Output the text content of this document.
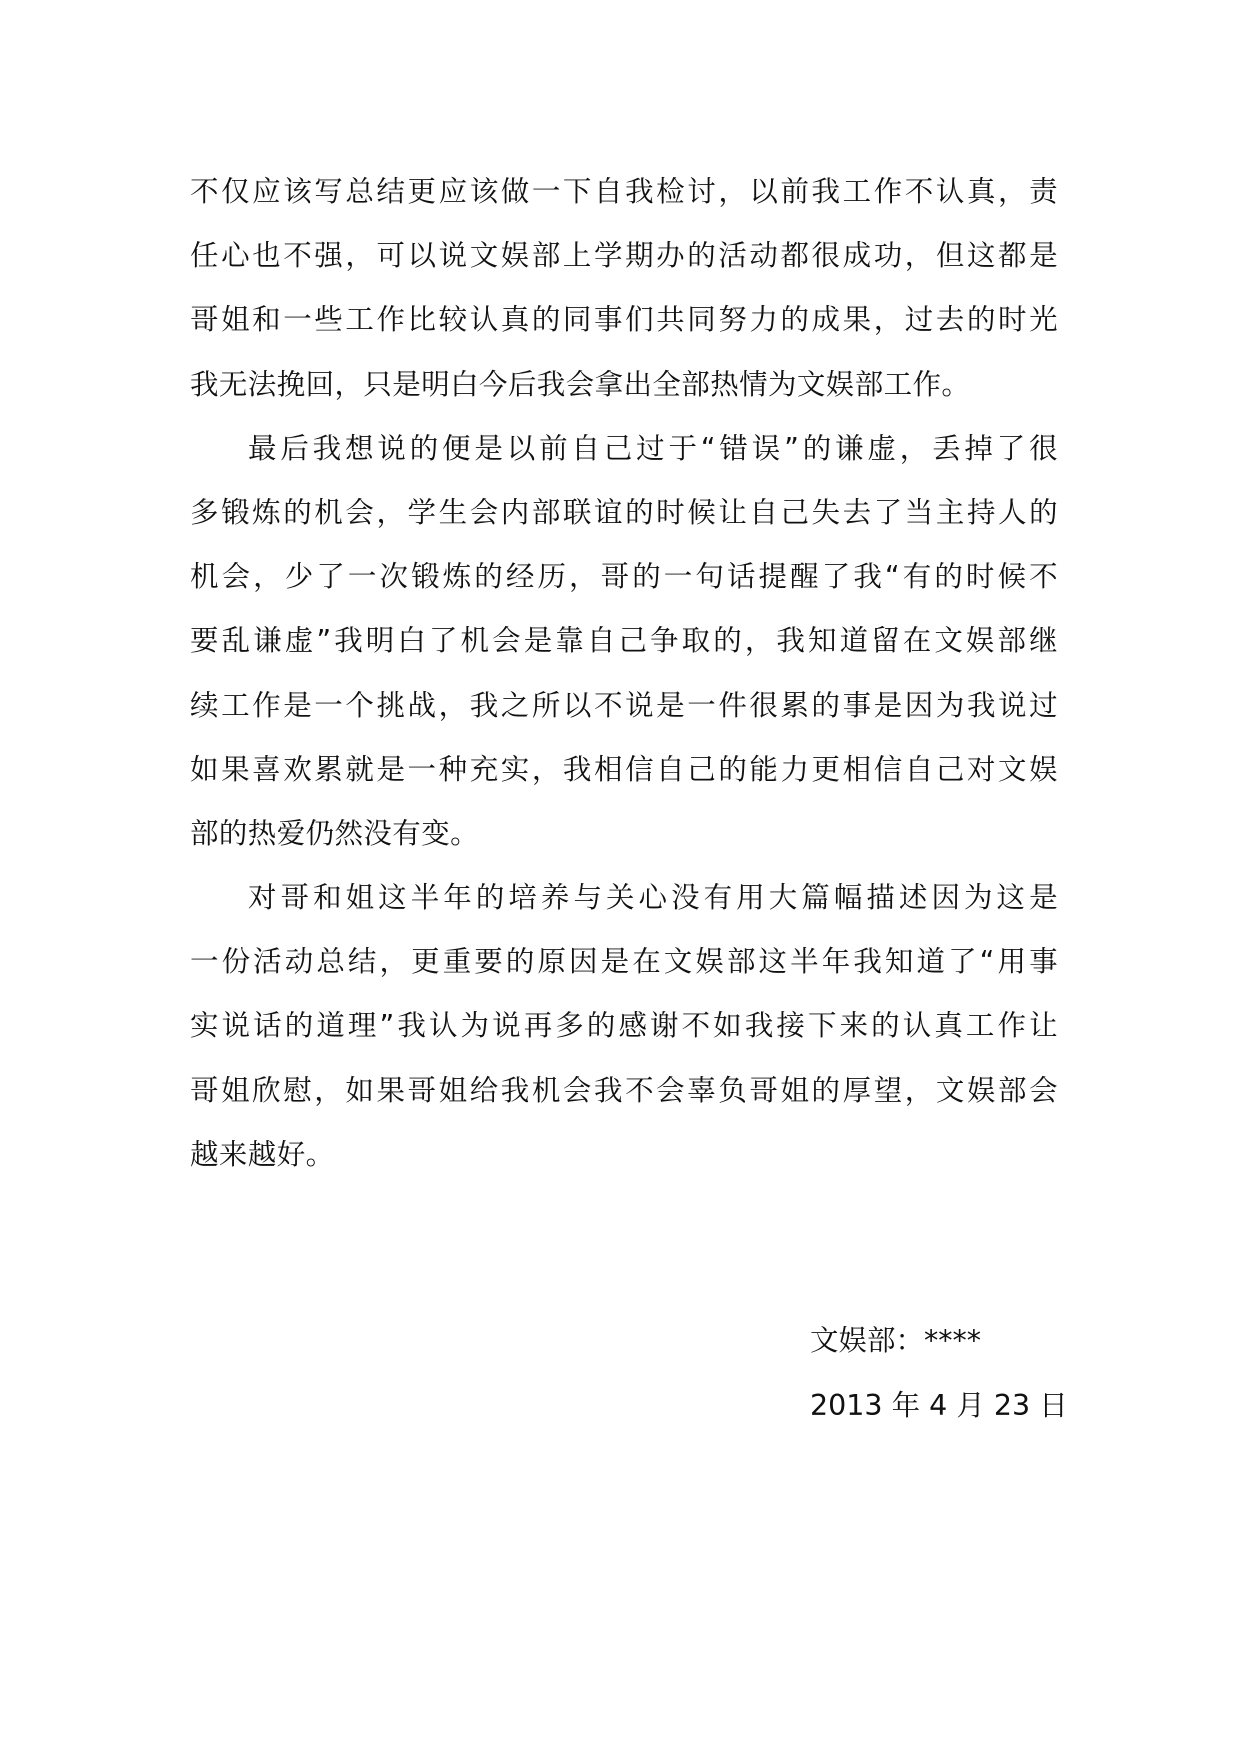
不仅应该写总结更应该做一下自我检讨，以前我工作不认真，责
任心也不强，可以说文娱部上学期办的活动都很成功，但这都是
哥姐和一些工作比较认真的同事们共同努力的成果，过去的时光
我无法挽回，只是明白今后我会拿出全部热情为文娱部工作。
最后我想说的便是以前自己过于“错误”的谦虚，丢掉了很
多锻炼的机会，学生会内部联谊的时候让自己失去了当主持人的
机会，少了一次锻炼的经历，哥的一句话提醒了我“有的时候不
要乱谦虚”我明白了机会是靠自己争取的，我知道留在文娱部继
续工作是一个挑战，我之所以不说是一件很累的事是因为我说过
如果喜欢累就是一种充实，我相信自己的能力更相信自己对文娱
部的热爱仍然没有变。
对哥和姐这半年的培养与关心没有用大篇幅描述因为这是
一份活动总结，更重要的原因是在文娱部这半年我知道了“用事
实说话的道理”我认为说再多的感谢不如我接下来的认真工作让
哥姐欣慰，如果哥姐给我机会我不会辜负哥姐的厚望，文娱部会
越来越好。
文娱部：****
2013 年 4 月 23 日
